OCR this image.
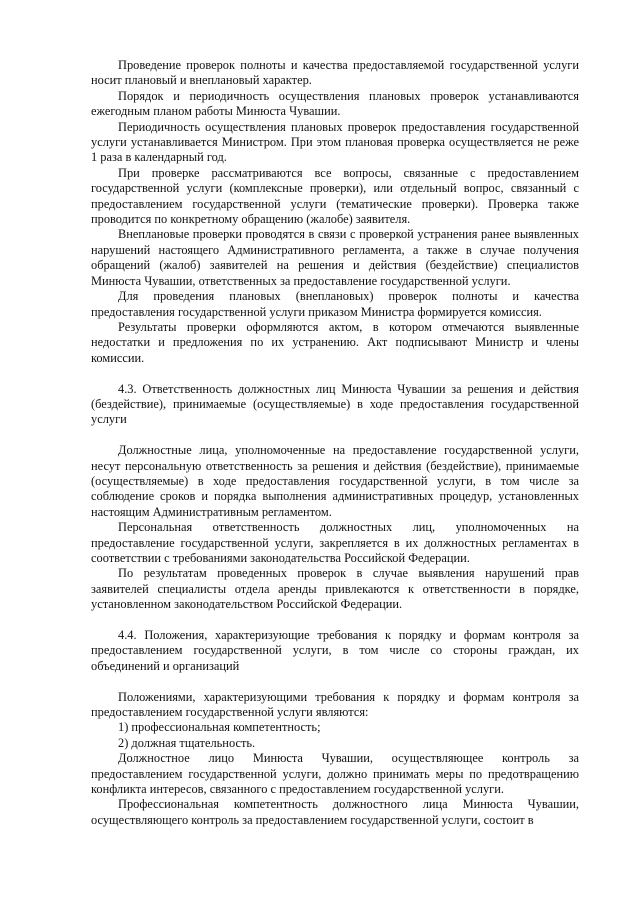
Проведение проверок полноты и качества предоставляемой государственной услуги носит плановый и внеплановый характер.

Порядок и периодичность осуществления плановых проверок устанавливаются ежегодным планом работы Минюста Чувашии.

Периодичность осуществления плановых проверок предоставления государственной услуги устанавливается Министром. При этом плановая проверка осуществляется не реже 1 раза в календарный год.

При проверке рассматриваются все вопросы, связанные с предоставлением государственной услуги (комплексные проверки), или отдельный вопрос, связанный с предоставлением государственной услуги (тематические проверки). Проверка также проводится по конкретному обращению (жалобе) заявителя.

Внеплановые проверки проводятся в связи с проверкой устранения ранее выявленных нарушений настоящего Административного регламента, а также в случае получения обращений (жалоб) заявителей на решения и действия (бездействие) специалистов Минюста Чувашии, ответственных за предоставление государственной услуги.

Для проведения плановых (внеплановых) проверок полноты и качества предоставления государственной услуги приказом Министра формируется комиссия.

Результаты проверки оформляются актом, в котором отмечаются выявленные недостатки и предложения по их устранению. Акт подписывают Министр и члены комиссии.

4.3. Ответственность должностных лиц Минюста Чувашии за решения и действия (бездействие), принимаемые (осуществляемые) в ходе предоставления государственной услуги

Должностные лица, уполномоченные на предоставление государственной услуги, несут персональную ответственность за решения и действия (бездействие), принимаемые (осуществляемые) в ходе предоставления государственной услуги, в том числе за соблюдение сроков и порядка выполнения административных процедур, установленных настоящим Административным регламентом.

Персональная ответственность должностных лиц, уполномоченных на предоставление государственной услуги, закрепляется в их должностных регламентах в соответствии с требованиями законодательства Российской Федерации.

По результатам проведенных проверок в случае выявления нарушений прав заявителей специалисты отдела аренды привлекаются к ответственности в порядке, установленном законодательством Российской Федерации.

4.4. Положения, характеризующие требования к порядку и формам контроля за предоставлением государственной услуги, в том числе со стороны граждан, их объединений и организаций

Положениями, характеризующими требования к порядку и формам контроля за предоставлением государственной услуги являются:

1) профессиональная компетентность;

2) должная тщательность.

Должностное лицо Минюста Чувашии, осуществляющее контроль за предоставлением государственной услуги, должно принимать меры по предотвращению конфликта интересов, связанного с предоставлением государственной услуги.

Профессиональная компетентность должностного лица Минюста Чувашии, осуществляющего контроль за предоставлением государственной услуги, состоит в
